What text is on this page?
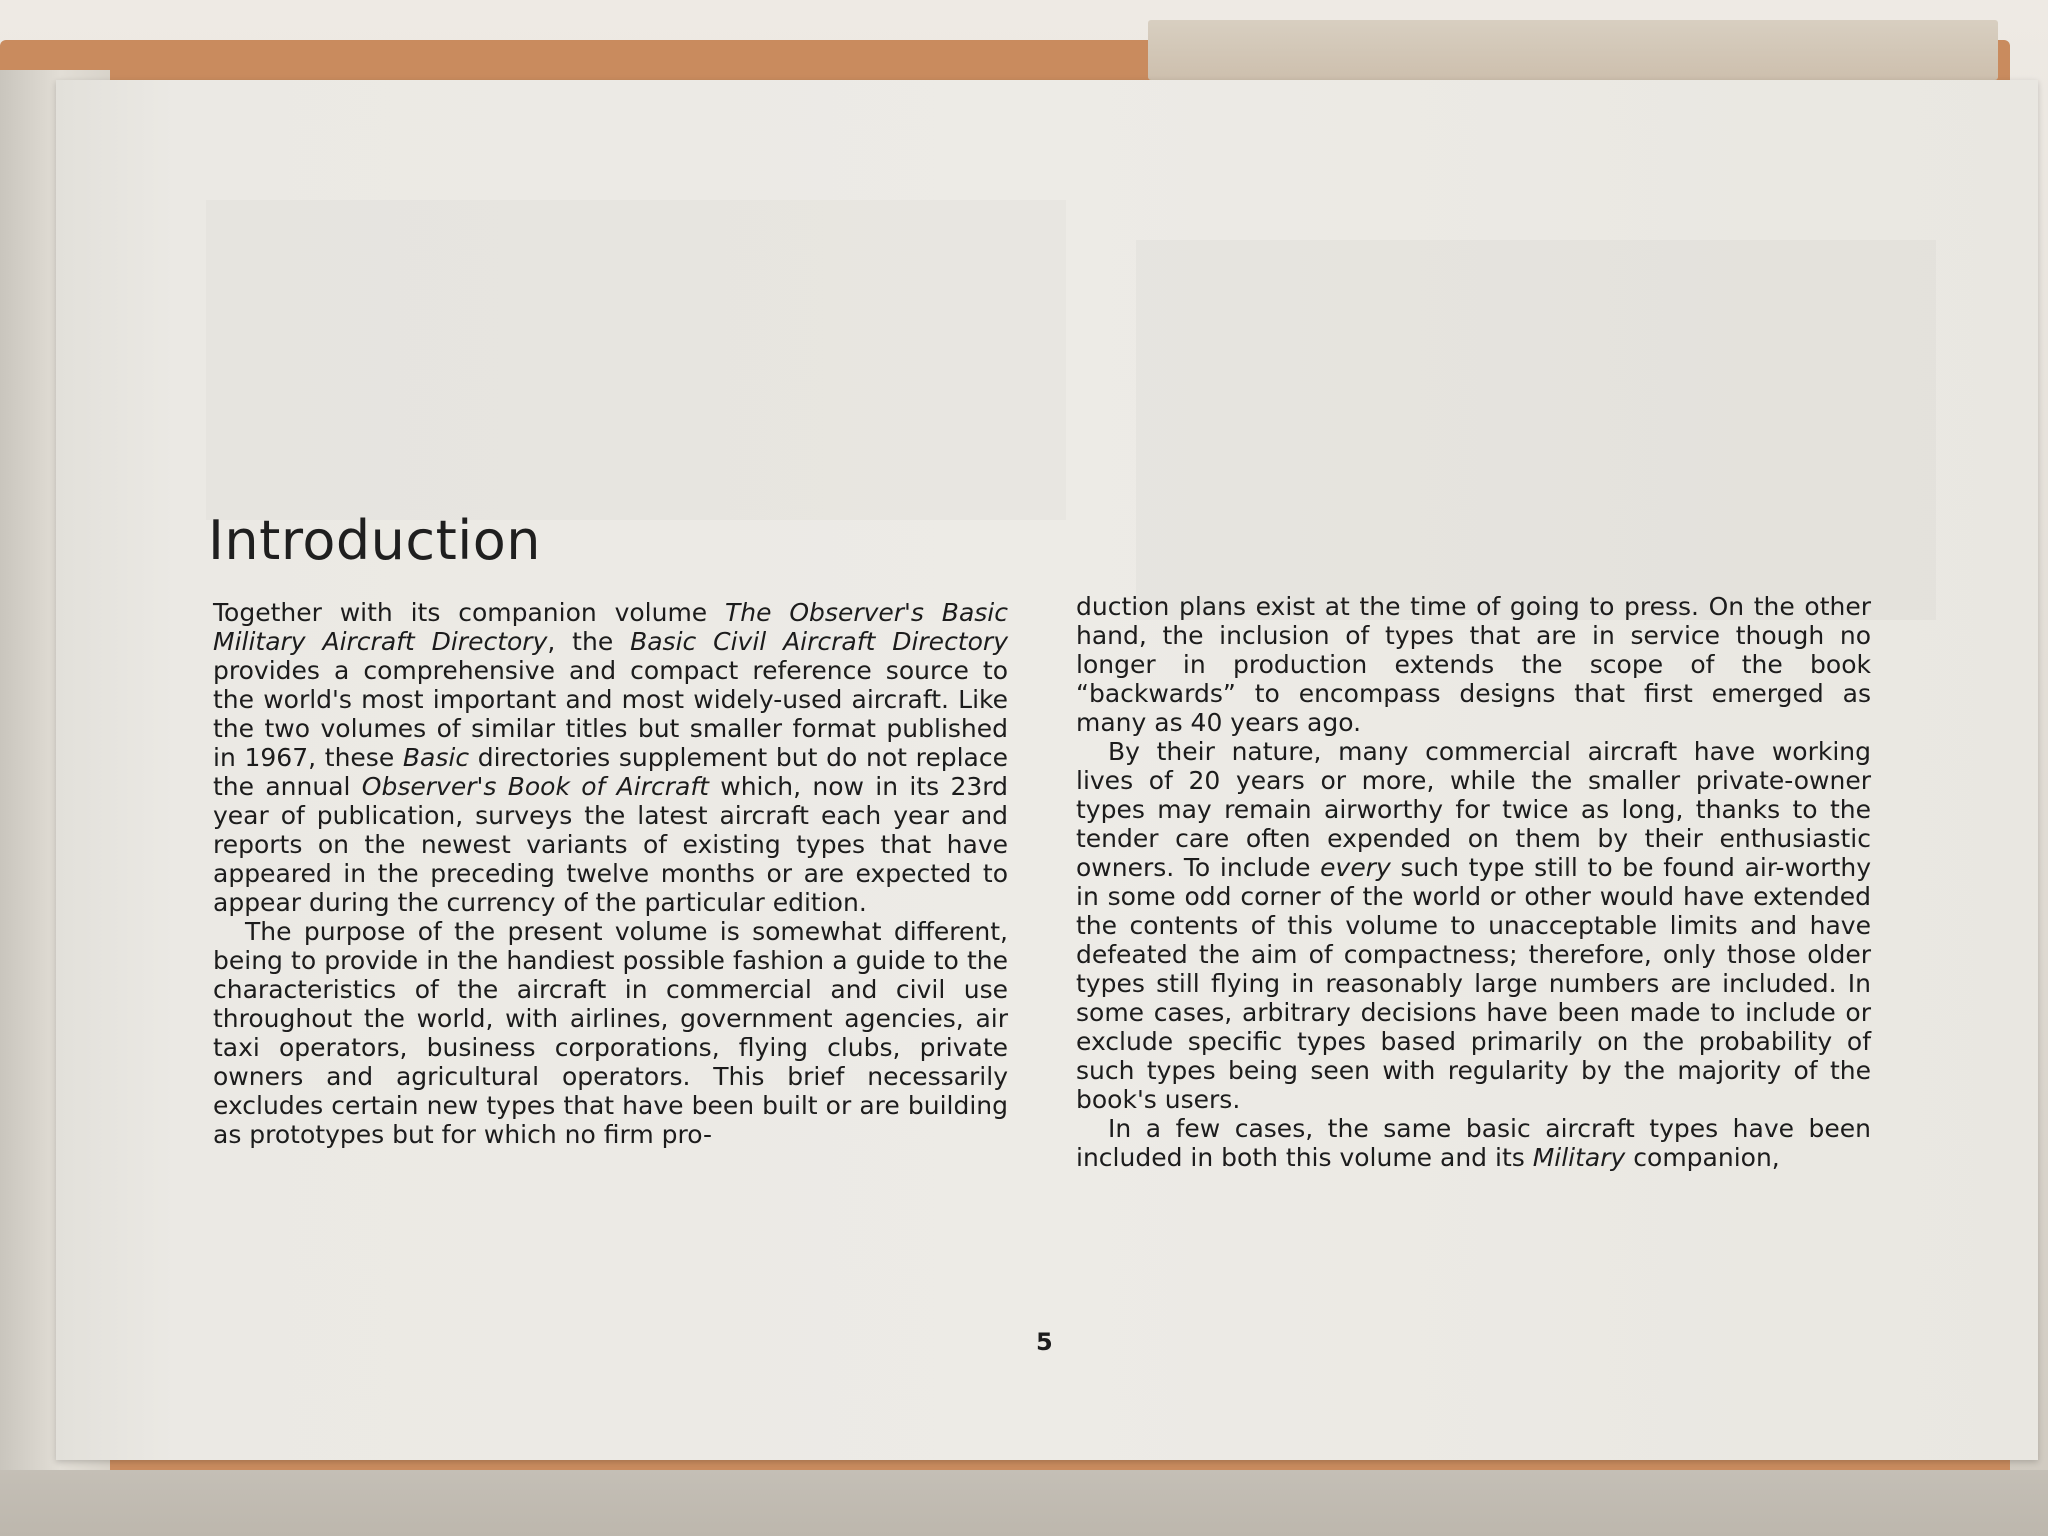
Introduction

Together with its companion volume The Observer's Basic Military Aircraft Directory, the Basic Civil Aircraft Directory provides a comprehensive and compact reference source to the world's most important and most widely-used aircraft. Like the two volumes of similar titles but smaller format published in 1967, these Basic directories supplement but do not replace the annual Observer's Book of Aircraft which, now in its 23rd year of publication, surveys the latest aircraft each year and reports on the newest variants of existing types that have appeared in the preceding twelve months or are expected to appear during the currency of the particular edition.

The purpose of the present volume is somewhat different, being to provide in the handiest possible fashion a guide to the characteristics of the aircraft in commercial and civil use throughout the world, with airlines, government agencies, air taxi operators, business corporations, flying clubs, private owners and agricultural operators. This brief necessarily excludes certain new types that have been built or are building as prototypes but for which no firm pro-

duction plans exist at the time of going to press. On the other hand, the inclusion of types that are in service though no longer in production extends the scope of the book “backwards” to encompass designs that first emerged as many as 40 years ago.

By their nature, many commercial aircraft have working lives of 20 years or more, while the smaller private-owner types may remain airworthy for twice as long, thanks to the tender care often expended on them by their enthusiastic owners. To include every such type still to be found air-worthy in some odd corner of the world or other would have extended the contents of this volume to unacceptable limits and have defeated the aim of compactness; therefore, only those older types still flying in reasonably large numbers are included. In some cases, arbitrary decisions have been made to include or exclude specific types based primarily on the probability of such types being seen with regularity by the majority of the book's users.

In a few cases, the same basic aircraft types have been included in both this volume and its Military companion,

5
